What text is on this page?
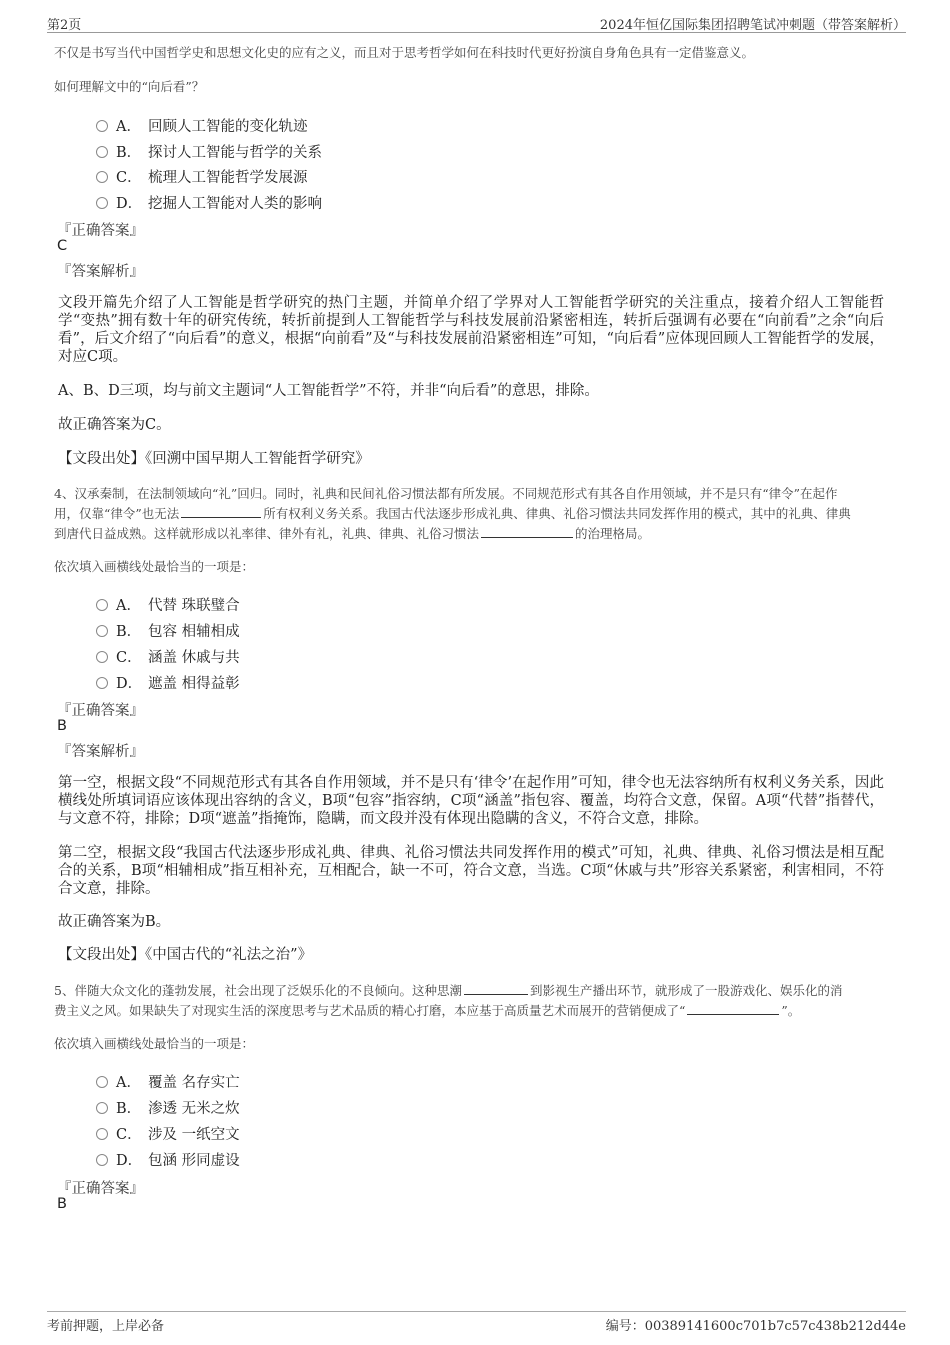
第2页	2024年恒亿国际集团招聘笔试冲刺题（带答案解析）
不仅是书写当代中国哲学史和思想文化史的应有之义，而且对于思考哲学如何在科技时代更好扮演自身角色具有一定借鉴意义。
如何理解文中的“向后看”？
A． 回顾人工智能的变化轨迹
B． 探讨人工智能与哲学的关系
C． 梳理人工智能哲学发展源
D． 挖掘人工智能对人类的影响
『正确答案』
C
『答案解析』
文段开篇先介绍了人工智能是哲学研究的热门主题，并简单介绍了学界对人工智能哲学研究的关注重点，接着介绍人工智能哲学“变热”拥有数十年的研究传统，转折前提到人工智能哲学与科技发展前沿紧密相连，转折后强调有必要在“向前看”之余“向后看”，后文介绍了“向后看”的意义，根据“向前看”及“与科技发展前沿紧密相连”可知，“向后看”应体现回顾人工智能哲学的发展，对应C项。
A、B、D三项，均与前文主题词“人工智能哲学”不符，并非“向后看”的意思，排除。
故正确答案为C。
【文段出处】《回溯中国早期人工智能哲学研究》
4、汉承秦制，在法制领域向“礼”回归。同时，礼典和民间礼俗习惯法都有所发展。不同规范形式有其各自作用领域，并不是只有“律令”在起作
用，仅靠“律令”也无法	所有权利义务关系。我国古代法逐步形成礼典、律典、礼俗习惯法共同发挥作用的模式，其中的礼典、律典
到唐代日益成熟。这样就形成以礼率律、律外有礼，礼典、律典、礼俗习惯法	的治理格局。
依次填入画横线处最恰当的一项是：
A． 代替 珠联璧合
B． 包容 相辅相成
C． 涵盖 休戚与共
D． 遮盖 相得益彰
『正确答案』
B
『答案解析』
第一空，根据文段“不同规范形式有其各自作用领域，并不是只有‘律令’在起作用”可知，律令也无法容纳所有权利义务关系，因此横线处所填词语应该体现出容纳的含义，B项“包容”指容纳，C项“涵盖”指包容、覆盖，均符合文意，保留。A项“代替”指替代，与文意不符，排除；D项“遮盖”指掩饰，隐瞒，而文段并没有体现出隐瞒的含义，不符合文意，排除。
第二空，根据文段“我国古代法逐步形成礼典、律典、礼俗习惯法共同发挥作用的模式”可知，礼典、律典、礼俗习惯法是相互配合的关系，B项“相辅相成”指互相补充，互相配合，缺一不可，符合文意，当选。C项“休戚与共”形容关系紧密，利害相同，不符合文意，排除。
故正确答案为B。
【文段出处】《中国古代的“礼法之治”》
5、伴随大众文化的蓬勃发展，社会出现了泛娱乐化的不良倾向。这种思潮	到影视生产播出环节，就形成了一股游戏化、娱乐化的消
费主义之风。如果缺失了对现实生活的深度思考与艺术品质的精心打磨，本应基于高质量艺术而展开的营销便成了“	”。
依次填入画横线处最恰当的一项是：
A． 覆盖 名存实亡
B． 渗透 无米之炊
C． 涉及 一纸空文
D． 包涵 形同虚设
『正确答案』
B
考前押题，上岸必备	编号：00389141600c701b7c57c438b212d44e
